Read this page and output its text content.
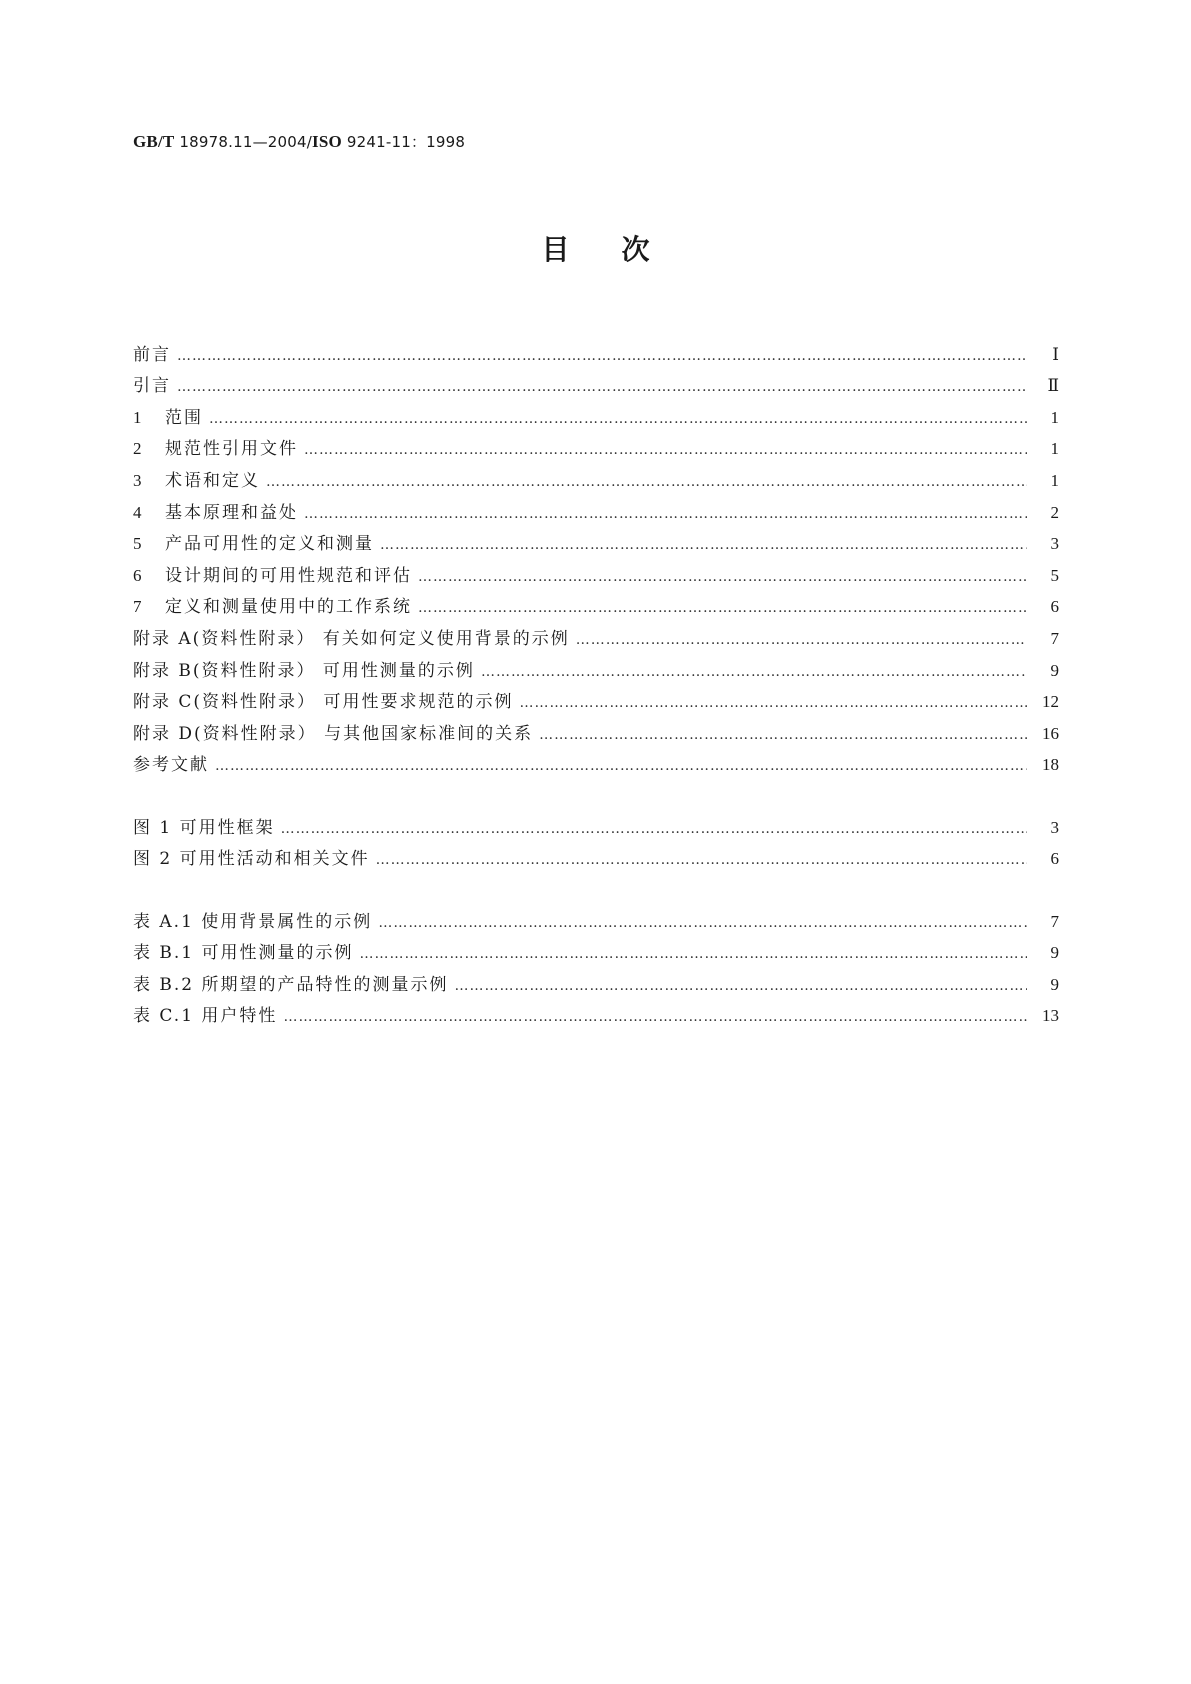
GB/T 18978.11—2004/ISO 9241-11：1998
目次
前言 ………………………………………………………………………………………………………………………………………………………………………………………………………………	Ⅰ
引言 ………………………………………………………………………………………………………………………………………………………………………………………………………………	Ⅱ
1	范围 ………………………………………………………………………………………………………………………………………………………………………………………………………………	1
2	规范性引用文件 ………………………………………………………………………………………………………………………………………………………………………………………………………………	1
3	术语和定义 ………………………………………………………………………………………………………………………………………………………………………………………………………………	1
4	基本原理和益处 ………………………………………………………………………………………………………………………………………………………………………………………………………………	2
5	产品可用性的定义和测量 ………………………………………………………………………………………………………………………………………………………………………………………………………………	3
6	设计期间的可用性规范和评估 ………………………………………………………………………………………………………………………………………………………………………………………………………………	5
7	定义和测量使用中的工作系统 ………………………………………………………………………………………………………………………………………………………………………………………………………………	6
附录 A(资料性附录） 有关如何定义使用背景的示例 ………………………………………………………………………………………………………………………………………………………………………………………………………………	7
附录 B(资料性附录） 可用性测量的示例 ………………………………………………………………………………………………………………………………………………………………………………………………………………	9
附录 C(资料性附录） 可用性要求规范的示例 ………………………………………………………………………………………………………………………………………………………………………………………………………………	12
附录 D(资料性附录） 与其他国家标准间的关系 ………………………………………………………………………………………………………………………………………………………………………………………………………………	16
参考文献 ………………………………………………………………………………………………………………………………………………………………………………………………………………	18
图 1 可用性框架 ………………………………………………………………………………………………………………………………………………………………………………………………………………	3
图 2 可用性活动和相关文件 ………………………………………………………………………………………………………………………………………………………………………………………………………………	6
表 A.1 使用背景属性的示例 ………………………………………………………………………………………………………………………………………………………………………………………………………………	7
表 B.1 可用性测量的示例 ………………………………………………………………………………………………………………………………………………………………………………………………………………	9
表 B.2 所期望的产品特性的测量示例 ………………………………………………………………………………………………………………………………………………………………………………………………………………	9
表 C.1 用户特性 ………………………………………………………………………………………………………………………………………………………………………………………………………………	13
